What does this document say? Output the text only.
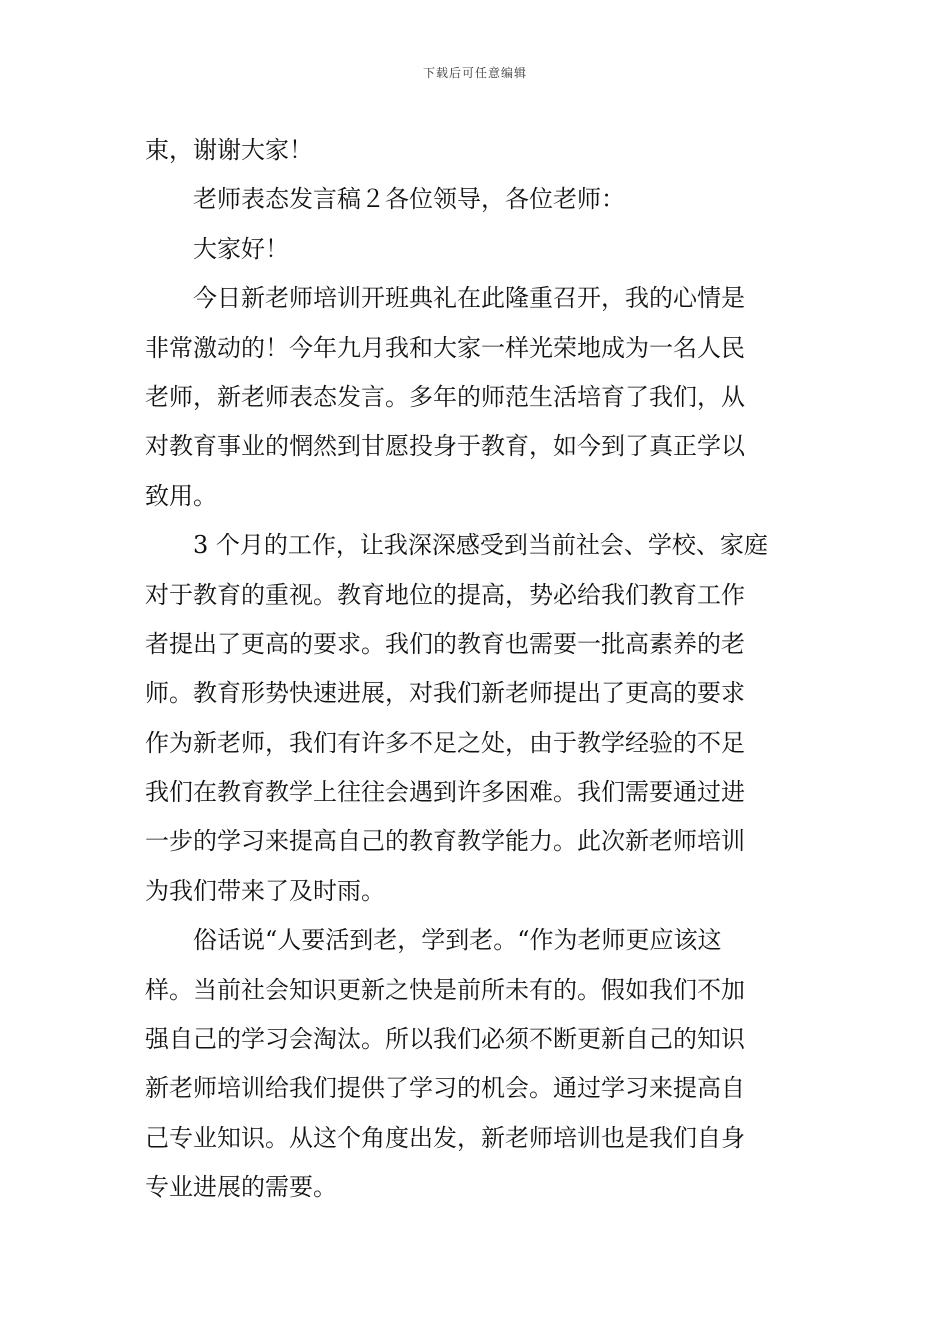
下载后可任意编辑
束，谢谢大家！
老师表态发言稿２各位领导，各位老师：
大家好！
今日新老师培训开班典礼在此隆重召开，我的心情是
非常激动的！今年九月我和大家一样光荣地成为一名人民
老师，新老师表态发言。多年的师范生活培育了我们，从
对教育事业的惘然到甘愿投身于教育，如今到了真正学以
致用。
3 个月的工作，让我深深感受到当前社会、学校、家庭
对于教育的重视。教育地位的提高，势必给我们教育工作
者提出了更高的要求。我们的教育也需要一批高素养的老
师。教育形势快速进展，对我们新老师提出了更高的要求
作为新老师，我们有许多不足之处，由于教学经验的不足
我们在教育教学上往往会遇到许多困难。我们需要通过进
一步的学习来提高自己的教育教学能力。此次新老师培训
为我们带来了及时雨。
俗话说“人要活到老，学到老。“作为老师更应该这
样。当前社会知识更新之快是前所未有的。假如我们不加
强自己的学习会淘汰。所以我们必须不断更新自己的知识
新老师培训给我们提供了学习的机会。通过学习来提高自
己专业知识。从这个角度出发，新老师培训也是我们自身
专业进展的需要。
